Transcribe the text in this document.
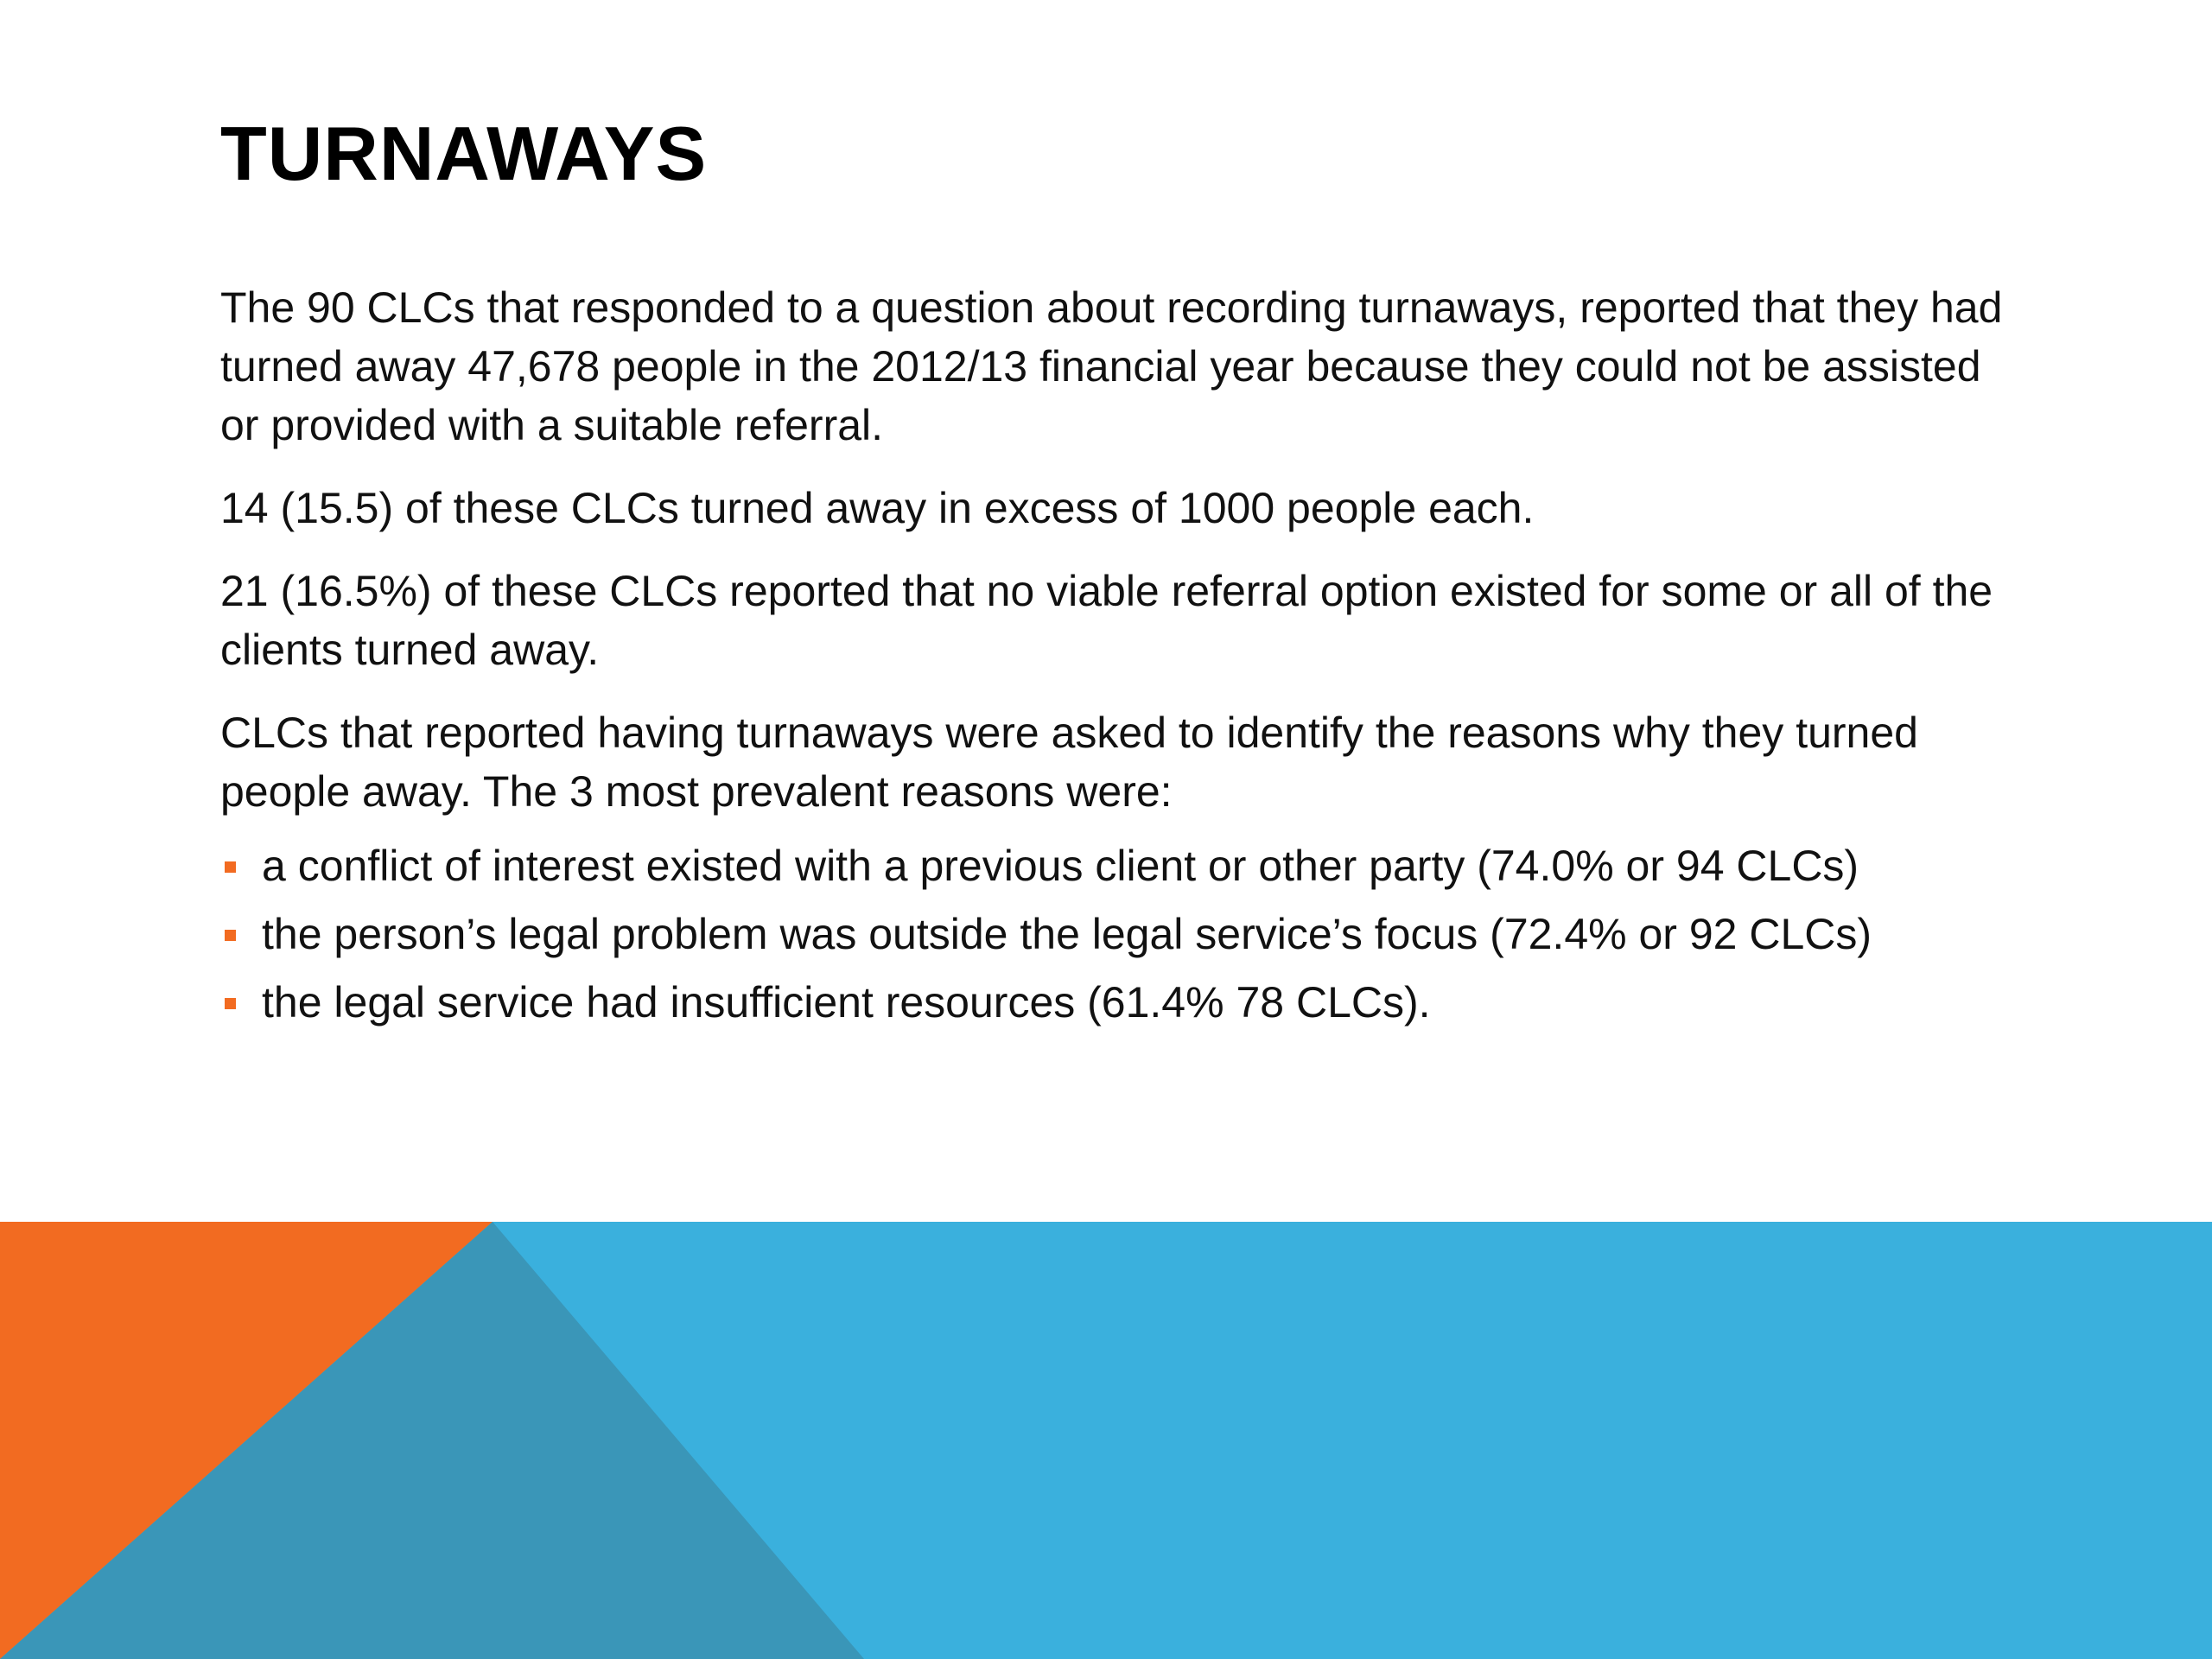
TURNAWAYS

The 90 CLCs that responded to a question about recording turnaways, reported that they had turned away 47,678 people in the 2012/13 financial year because they could not be assisted or provided with a suitable referral.

14 (15.5) of these CLCs turned away in excess of 1000 people each.

21 (16.5%) of these CLCs reported that no viable referral option existed for some or all of the clients turned away.

CLCs that reported having turnaways were asked to identify the reasons why they turned people away. The 3 most prevalent reasons were:

a conflict of interest existed with a previous client or other party (74.0% or 94 CLCs)
the person’s legal problem was outside the legal service’s focus (72.4% or 92 CLCs)
the legal service had insufficient resources (61.4% 78 CLCs).
